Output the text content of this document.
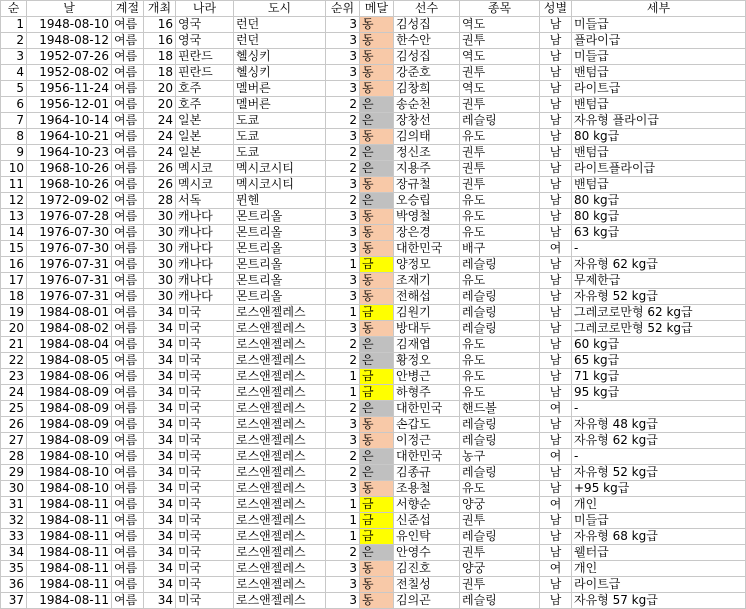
순	날	계절	개최	나라	도시	순위	메달	선수	종목	성별	세부
1	1948-08-10	여름	16	영국	런던	3	동	김성집	역도	남	미들급
2	1948-08-12	여름	16	영국	런던	3	동	한수안	권투	남	플라이급
3	1952-07-26	여름	18	핀란드	헬싱키	3	동	김성집	역도	남	미들급
4	1952-08-02	여름	18	핀란드	헬싱키	3	동	강준호	권투	남	밴텀급
5	1956-11-24	여름	20	호주	멜버른	3	동	김창희	역도	남	라이트급
6	1956-12-01	여름	20	호주	멜버른	2	은	송순천	권투	남	밴텀급
7	1964-10-14	여름	24	일본	도쿄	2	은	장창선	레슬링	남	자유형 플라이급
8	1964-10-21	여름	24	일본	도쿄	3	동	김의태	유도	남	80 kg급
9	1964-10-23	여름	24	일본	도쿄	2	은	정신조	권투	남	밴텀급
10	1968-10-26	여름	26	멕시코	멕시코시티	2	은	지용주	권투	남	라이트플라이급
11	1968-10-26	여름	26	멕시코	멕시코시티	3	동	장규철	권투	남	밴텀급
12	1972-09-02	여름	28	서독	뮌헨	2	은	오승립	유도	남	80 kg급
13	1976-07-28	여름	30	캐나다	몬트리올	3	동	박영철	유도	남	80 kg급
14	1976-07-30	여름	30	캐나다	몬트리올	3	동	장은경	유도	남	63 kg급
15	1976-07-30	여름	30	캐나다	몬트리올	3	동	대한민국	배구	여	-
16	1976-07-31	여름	30	캐나다	몬트리올	1	금	양정모	레슬링	남	자유형 62 kg급
17	1976-07-31	여름	30	캐나다	몬트리올	3	동	조재기	유도	남	무제한급
18	1976-07-31	여름	30	캐나다	몬트리올	3	동	전해섭	레슬링	남	자유형 52 kg급
19	1984-08-01	여름	34	미국	로스앤젤레스	1	금	김원기	레슬링	남	그레코로만형 62 kg급
20	1984-08-02	여름	34	미국	로스앤젤레스	3	동	방대두	레슬링	남	그레코로만형 52 kg급
21	1984-08-04	여름	34	미국	로스앤젤레스	2	은	김재엽	유도	남	60 kg급
22	1984-08-05	여름	34	미국	로스앤젤레스	2	은	황정오	유도	남	65 kg급
23	1984-08-06	여름	34	미국	로스앤젤레스	1	금	안병근	유도	남	71 kg급
24	1984-08-09	여름	34	미국	로스앤젤레스	1	금	하형주	유도	남	95 kg급
25	1984-08-09	여름	34	미국	로스앤젤레스	2	은	대한민국	핸드볼	여	-
26	1984-08-09	여름	34	미국	로스앤젤레스	3	동	손갑도	레슬링	남	자유형 48 kg급
27	1984-08-09	여름	34	미국	로스앤젤레스	3	동	이정근	레슬링	남	자유형 62 kg급
28	1984-08-10	여름	34	미국	로스앤젤레스	2	은	대한민국	농구	여	-
29	1984-08-10	여름	34	미국	로스앤젤레스	2	은	김종규	레슬링	남	자유형 52 kg급
30	1984-08-10	여름	34	미국	로스앤젤레스	3	동	조용철	유도	남	+95 kg급
31	1984-08-11	여름	34	미국	로스앤젤레스	1	금	서향순	양궁	여	개인
32	1984-08-11	여름	34	미국	로스앤젤레스	1	금	신준섭	권투	남	미들급
33	1984-08-11	여름	34	미국	로스앤젤레스	1	금	유인탁	레슬링	남	자유형 68 kg급
34	1984-08-11	여름	34	미국	로스앤젤레스	2	은	안영수	권투	남	웰터급
35	1984-08-11	여름	34	미국	로스앤젤레스	3	동	김진호	양궁	여	개인
36	1984-08-11	여름	34	미국	로스앤젤레스	3	동	전칠성	권투	남	라이트급
37	1984-08-11	여름	34	미국	로스앤젤레스	3	동	김의곤	레슬링	남	자유형 57 kg급
